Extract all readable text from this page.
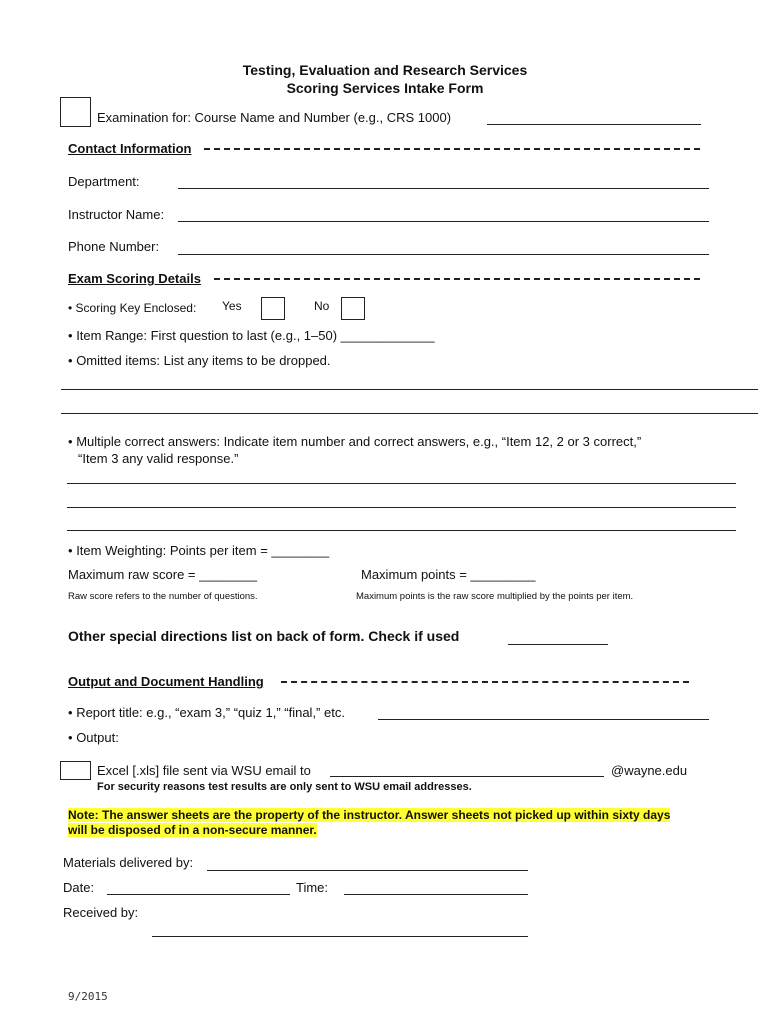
Testing, Evaluation and Research Services
Scoring Services Intake Form
Examination for: Course Name and Number (e.g., CRS 1000)
Contact Information
Department:
Instructor Name:
Phone Number:
Exam Scoring Details
• Scoring Key Enclosed: Yes	No
• Item Range: First question to last (e.g., 1–50) _____________
• Omitted items: List any items to be dropped.
• Multiple correct answers: Indicate item number and correct answers, e.g., “Item 12, 2 or 3 correct,”
“Item 3 any valid response.”
• Item Weighting: Points per item = ________
Maximum raw score = ________	Maximum points = _________
Raw score refers to the number of questions.	Maximum points is the raw score multiplied by the points per item.
Other special directions list on back of form. Check if used
Output and Document Handling
• Report title: e.g., “exam 3,” “quiz 1,” “final,” etc.
• Output:
Excel [.xls] file sent via WSU email to	@wayne.edu
For security reasons test results are only sent to WSU email addresses.
Note: The answer sheets are the property of the instructor. Answer sheets not picked up within sixty days
will be disposed of in a non-secure manner.
Materials delivered by:
Date:	Time:
Received by:
9/2015
